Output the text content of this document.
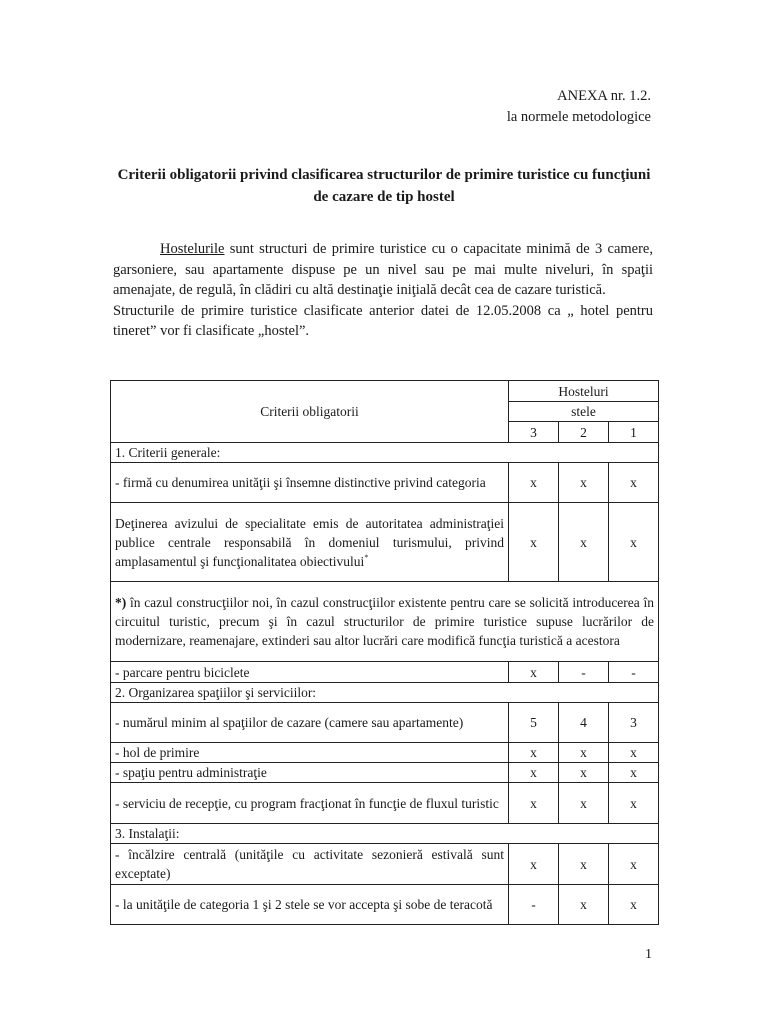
ANEXA nr. 1.2.
la normele metodologice
Criterii obligatorii privind clasificarea structurilor de primire turistice cu funcţiuni de cazare de tip hostel

Hostelurile sunt structuri de primire turistice cu o capacitate minimă de 3 camere, garsoniere, sau apartamente dispuse pe un nivel sau pe mai multe niveluri, în spaţii amenajate, de regulă, în clădiri cu altă destinaţie iniţială decât cea de cazare turistică.

Structurile de primire turistice clasificate anterior datei de 12.05.2008 ca „ hotel pentru tineret” vor fi clasificate „hostel”.

Criterii obligatorii	Hosteluri		
	stele		
	3	2	1
1. Criterii generale:			
- firmă cu denumirea unităţii şi însemne distinctive privind categoria	x	x	x
Deţinerea avizului de specialitate emis de autoritatea administraţiei publice centrale responsabilă în domeniul turismului, privind amplasamentul şi funcţionalitatea obiectivului*	x	x	x
*) în cazul construcţiilor noi, în cazul construcţiilor existente pentru care se solicită introducerea în circuitul turistic, precum şi în cazul structurilor de primire turistice supuse lucrărilor de modernizare, reamenajare, extinderi sau altor lucrări care modifică funcţia turistică a acestora			
- parcare pentru biciclete	x	-	-
2. Organizarea spaţiilor şi serviciilor:			
- numărul minim al spaţiilor de cazare (camere sau apartamente)	5	4	3
- hol de primire	x	x	x
- spaţiu pentru administraţie	x	x	x
- serviciu de recepţie, cu program fracţionat în funcţie de fluxul turistic	x	x	x
3. Instalaţii:			
- încălzire centrală (unităţile cu activitate sezonieră estivală sunt exceptate)	x	x	x
- la unităţile de categoria 1 şi 2 stele se vor accepta şi sobe de teracotă	-	x	x
1
